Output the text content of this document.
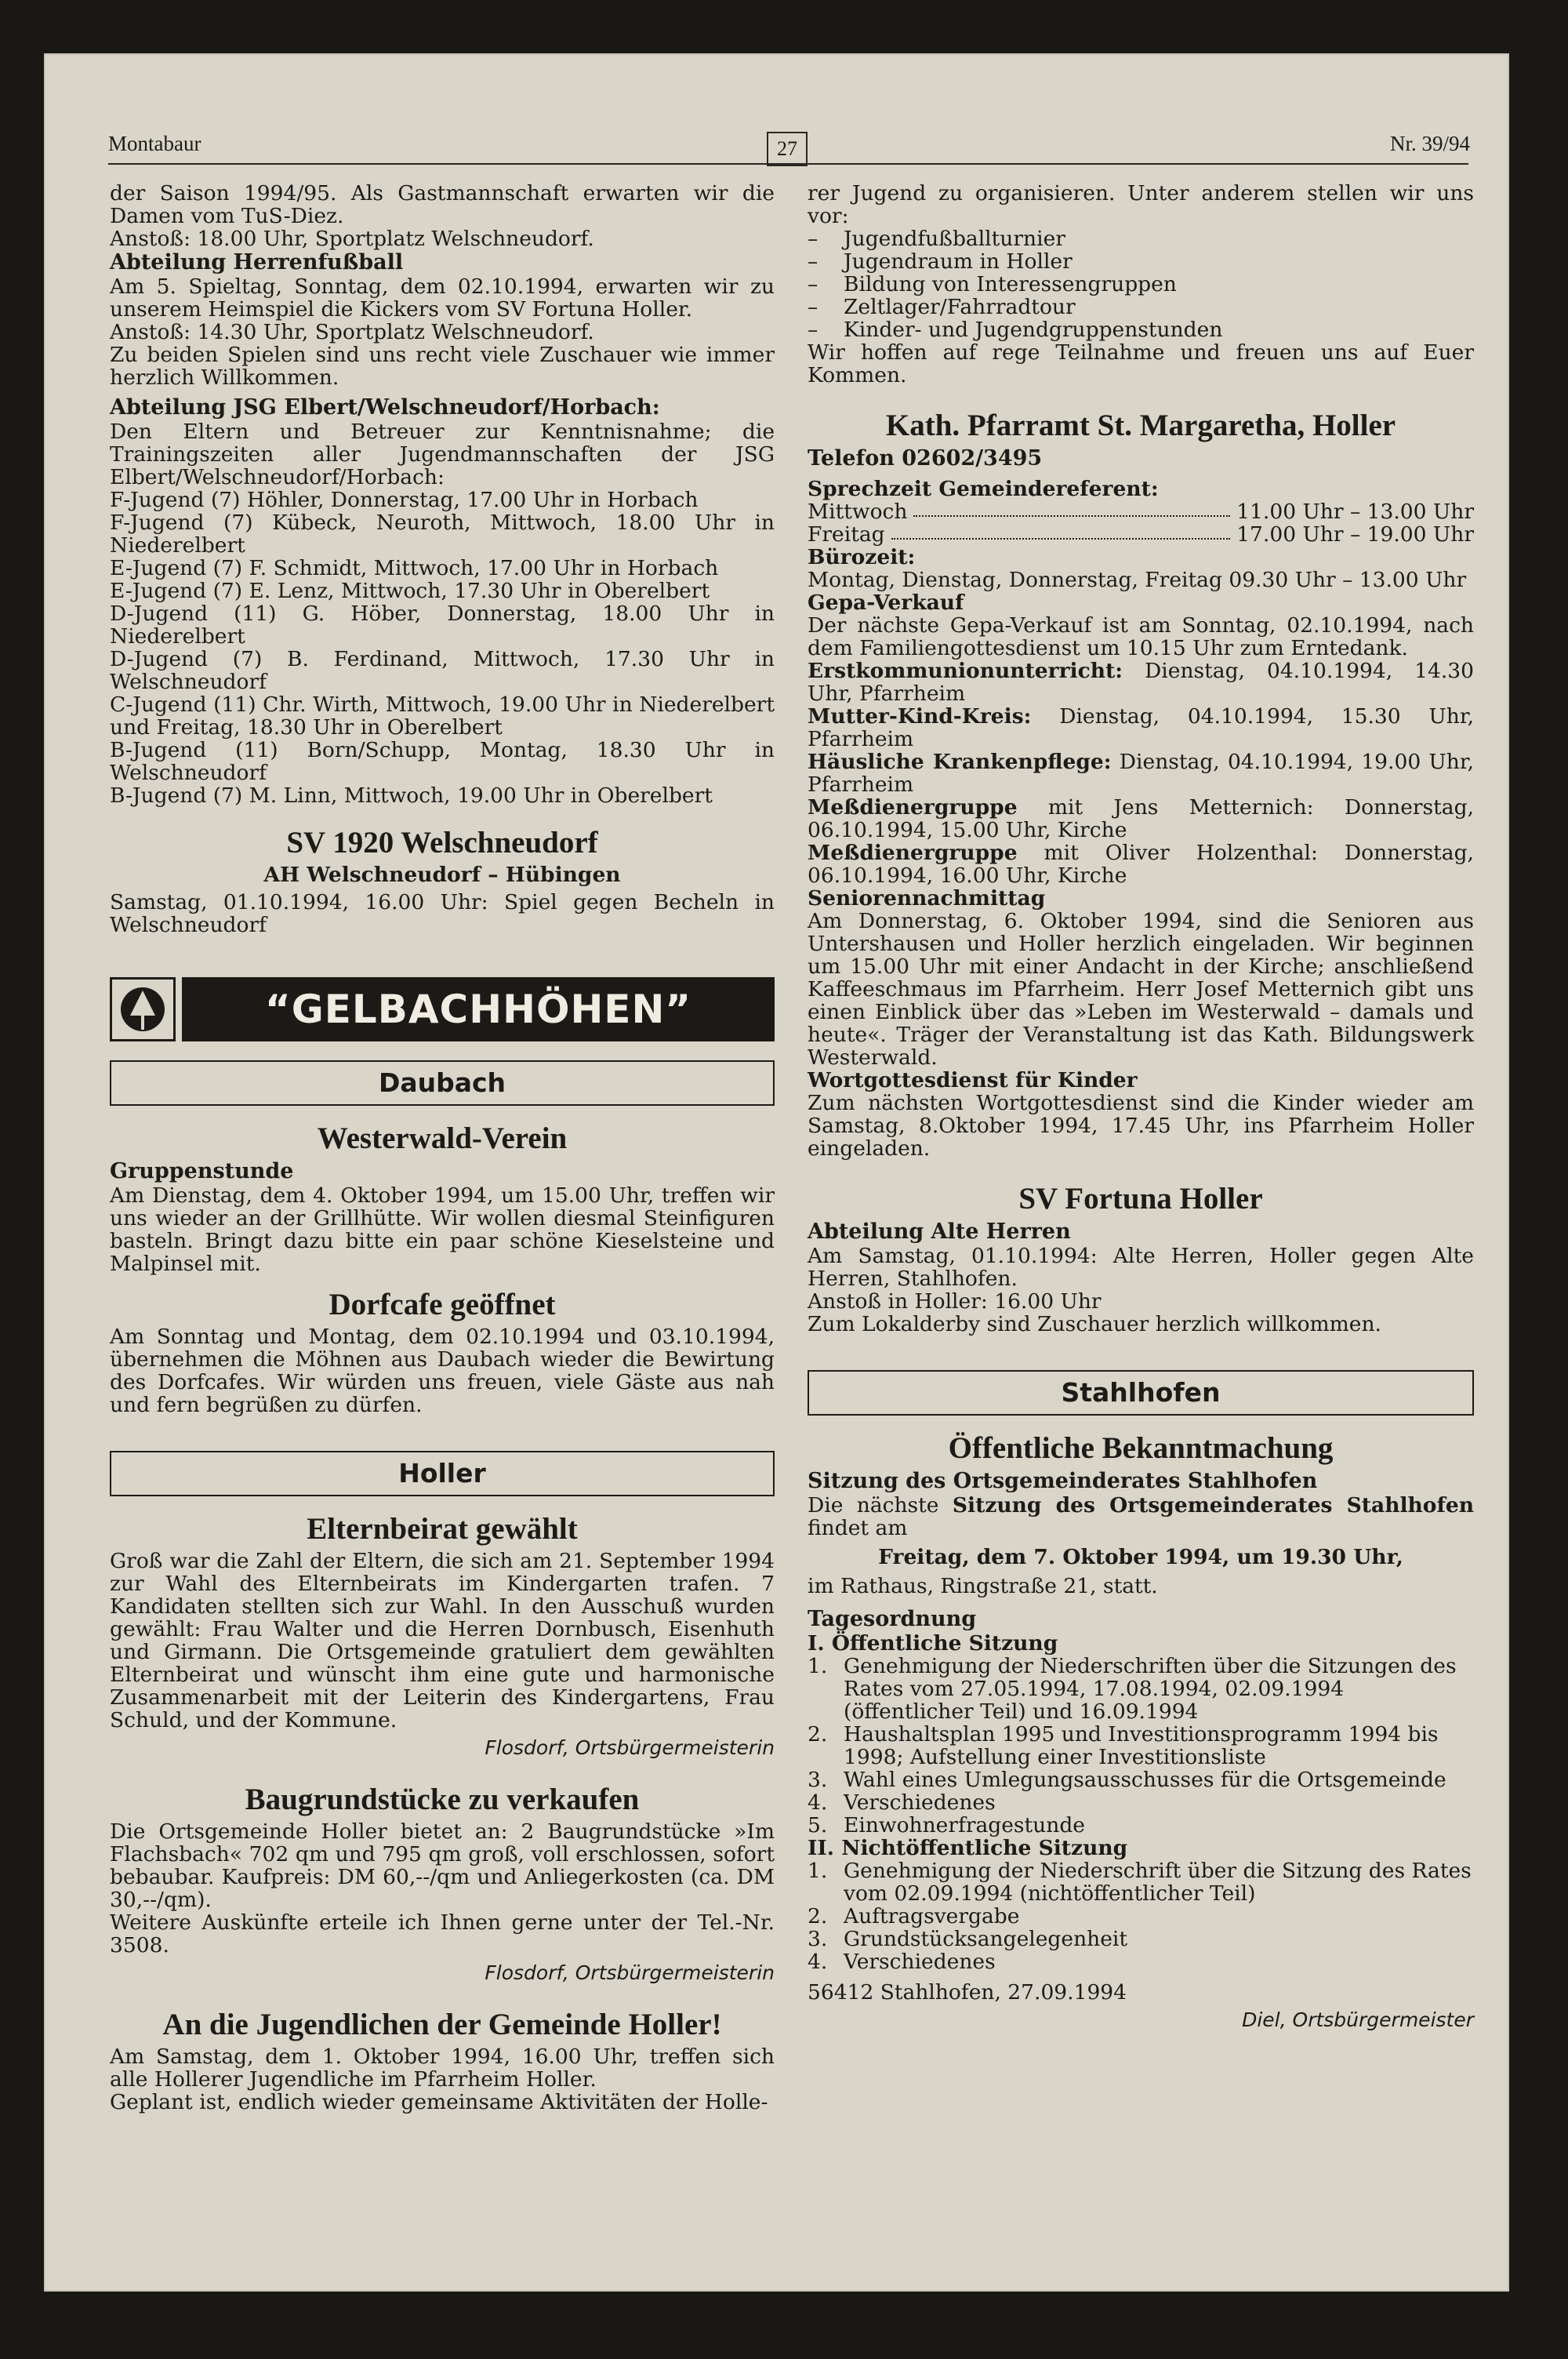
Montabaur	27	Nr. 39/94

der Saison 1994/95. Als Gastmannschaft erwarten wir die Damen vom TuS-Diez.

Anstoß: 18.00 Uhr, Sportplatz Welschneudorf.

Abteilung Herrenfußball

Am 5. Spieltag, Sonntag, dem 02.10.1994, erwarten wir zu unserem Heimspiel die Kickers vom SV Fortuna Holler.

Anstoß: 14.30 Uhr, Sportplatz Welschneudorf.

Zu beiden Spielen sind uns recht viele Zuschauer wie immer herzlich Willkommen.

Abteilung JSG Elbert/Welschneudorf/Horbach:

Den Eltern und Betreuer zur Kenntnisnahme; die Trainingszeiten aller Jugendmannschaften der JSG Elbert/Welschneudorf/Horbach:

F-Jugend (7) Höhler, Donnerstag, 17.00 Uhr in Horbach

F-Jugend (7) Kübeck, Neuroth, Mittwoch, 18.00 Uhr in Niederelbert

E-Jugend (7) F. Schmidt, Mittwoch, 17.00 Uhr in Horbach

E-Jugend (7) E. Lenz, Mittwoch, 17.30 Uhr in Oberelbert

D-Jugend (11) G. Höber, Donnerstag, 18.00 Uhr in Niederelbert

D-Jugend (7) B. Ferdinand, Mittwoch, 17.30 Uhr in Welschneudorf

C-Jugend (11) Chr. Wirth, Mittwoch, 19.00 Uhr in Niederelbert und Freitag, 18.30 Uhr in Oberelbert

B-Jugend (11) Born/Schupp, Montag, 18.30 Uhr in Welschneudorf

B-Jugend (7) M. Linn, Mittwoch, 19.00 Uhr in Oberelbert

SV 1920 Welschneudorf

AH Welschneudorf – Hübingen

Samstag, 01.10.1994, 16.00 Uhr: Spiel gegen Becheln in Welschneudorf

“GELBACHHÖHEN”
Daubach
Westerwald-Verein

Gruppenstunde

Am Dienstag, dem 4. Oktober 1994, um 15.00 Uhr, treffen wir uns wieder an der Grillhütte. Wir wollen diesmal Steinfiguren basteln. Bringt dazu bitte ein paar schöne Kieselsteine und Malpinsel mit.

Dorfcafe geöffnet

Am Sonntag und Montag, dem 02.10.1994 und 03.10.1994, übernehmen die Möhnen aus Daubach wieder die Bewirtung des Dorfcafes. Wir würden uns freuen, viele Gäste aus nah und fern begrüßen zu dürfen.

Holler
Elternbeirat gewählt

Groß war die Zahl der Eltern, die sich am 21. September 1994 zur Wahl des Elternbeirats im Kindergarten trafen. 7 Kandidaten stellten sich zur Wahl. In den Ausschuß wurden gewählt: Frau Walter und die Herren Dornbusch, Eisenhuth und Girmann. Die Ortsgemeinde gratuliert dem gewählten Elternbeirat und wünscht ihm eine gute und harmonische Zusammenarbeit mit der Leiterin des Kindergartens, Frau Schuld, und der Kommune.

Flosdorf, Ortsbürgermeisterin

Baugrundstücke zu verkaufen

Die Ortsgemeinde Holler bietet an: 2 Baugrundstücke »Im Flachsbach« 702 qm und 795 qm groß, voll erschlossen, sofort bebaubar. Kaufpreis: DM 60,--/qm und Anliegerkosten (ca. DM 30,--/qm).

Weitere Auskünfte erteile ich Ihnen gerne unter der Tel.-Nr. 3508.

Flosdorf, Ortsbürgermeisterin

An die Jugendlichen der Gemeinde Holler!

Am Samstag, dem 1. Oktober 1994, 16.00 Uhr, treffen sich alle Hollerer Jugendliche im Pfarrheim Holler.

Geplant ist, endlich wieder gemeinsame Aktivitäten der Holle-

rer Jugend zu organisieren. Unter anderem stellen wir uns vor:

–	Jugendfußballturnier
–	Jugendraum in Holler
–	Bildung von Interessengruppen
–	Zeltlager/Fahrradtour
–	Kinder- und Jugendgruppenstunden

Wir hoffen auf rege Teilnahme und freuen uns auf Euer Kommen.

Kath. Pfarramt St. Margaretha, Holler

Telefon 02602/3495

Sprechzeit Gemeindereferent:

Mittwoch	11.00 Uhr – 13.00 Uhr
Freitag	17.00 Uhr – 19.00 Uhr

Bürozeit:

Montag, Dienstag, Donnerstag, Freitag 09.30 Uhr – 13.00 Uhr

Gepa-Verkauf

Der nächste Gepa-Verkauf ist am Sonntag, 02.10.1994, nach dem Familiengottesdienst um 10.15 Uhr zum Erntedank.

Erstkommunionunterricht: Dienstag, 04.10.1994, 14.30 Uhr, Pfarrheim

Mutter-Kind-Kreis: Dienstag, 04.10.1994, 15.30 Uhr, Pfarrheim

Häusliche Krankenpflege: Dienstag, 04.10.1994, 19.00 Uhr, Pfarrheim

Meßdienergruppe mit Jens Metternich: Donnerstag, 06.10.1994, 15.00 Uhr, Kirche

Meßdienergruppe mit Oliver Holzenthal: Donnerstag, 06.10.1994, 16.00 Uhr, Kirche

Seniorennachmittag

Am Donnerstag, 6. Oktober 1994, sind die Senioren aus Untershausen und Holler herzlich eingeladen. Wir beginnen um 15.00 Uhr mit einer Andacht in der Kirche; anschließend Kaffeeschmaus im Pfarrheim. Herr Josef Metternich gibt uns einen Einblick über das »Leben im Westerwald – damals und heute«. Träger der Veranstaltung ist das Kath. Bildungswerk Westerwald.

Wortgottesdienst für Kinder

Zum nächsten Wortgottesdienst sind die Kinder wieder am Samstag, 8.Oktober 1994, 17.45 Uhr, ins Pfarrheim Holler eingeladen.

SV Fortuna Holler

Abteilung Alte Herren

Am Samstag, 01.10.1994: Alte Herren, Holler gegen Alte Herren, Stahlhofen.

Anstoß in Holler: 16.00 Uhr

Zum Lokalderby sind Zuschauer herzlich willkommen.

Stahlhofen
Öffentliche Bekanntmachung

Sitzung des Ortsgemeinderates Stahlhofen

Die nächste Sitzung des Ortsgemeinderates Stahlhofen findet am

Freitag, dem 7. Oktober 1994, um 19.30 Uhr,

im Rathaus, Ringstraße 21, statt.

Tagesordnung

I. Öffentliche Sitzung

1. Genehmigung der Niederschriften über die Sitzungen des Rates vom 27.05.1994, 17.08.1994, 02.09.1994 (öffentlicher Teil) und 16.09.1994
2. Haushaltsplan 1995 und Investitionsprogramm 1994 bis 1998; Aufstellung einer Investitionsliste
3. Wahl eines Umlegungsausschusses für die Ortsgemeinde
4. Verschiedenes
5. Einwohnerfragestunde

II. Nichtöffentliche Sitzung

1. Genehmigung der Niederschrift über die Sitzung des Rates vom 02.09.1994 (nichtöffentlicher Teil)
2. Auftragsvergabe
3. Grundstücksangelegenheit
4. Verschiedenes

56412 Stahlhofen, 27.09.1994

Diel, Ortsbürgermeister
